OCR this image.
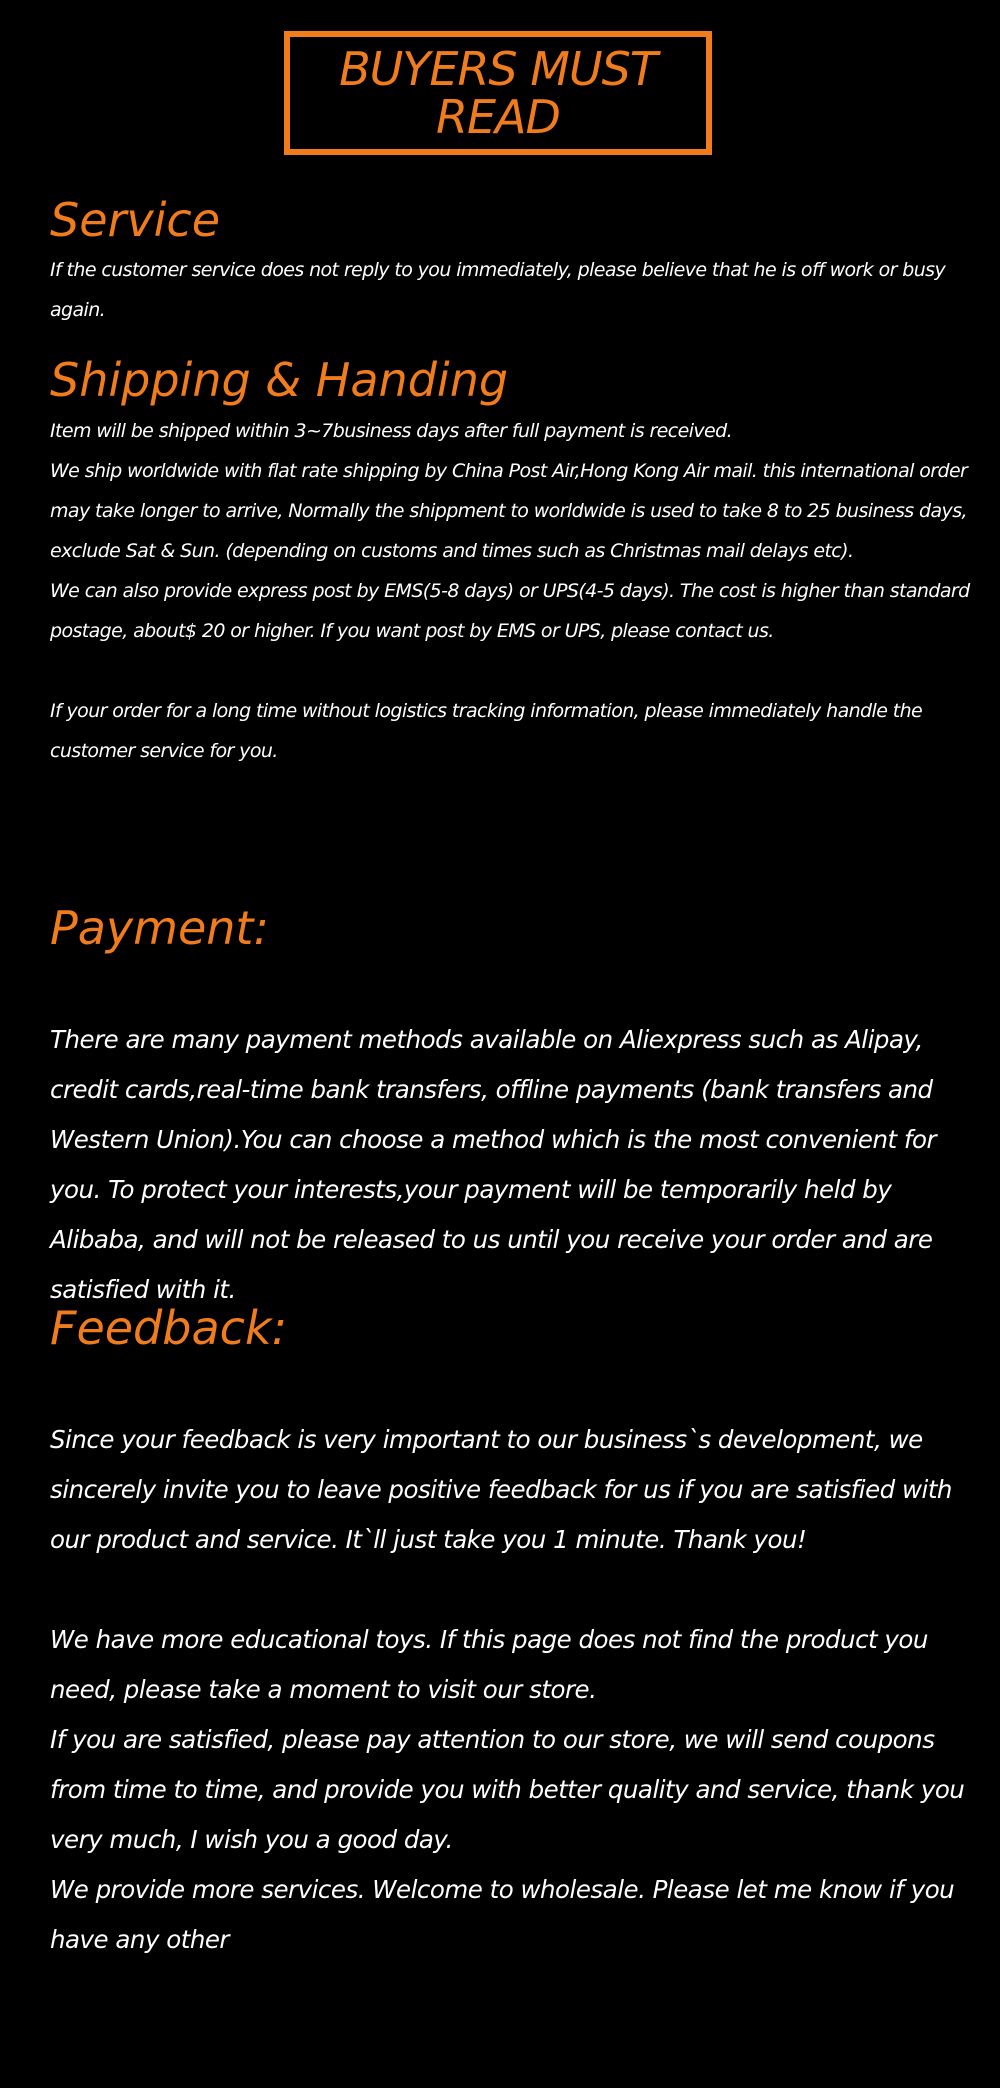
BUYERS MUST READ
Service

If the customer service does not reply to you immediately, please believe that he is off work or busy again.

Shipping & Handing

Item will be shipped within 3~7business days after full payment is received.

We ship worldwide with flat rate shipping by China Post Air,Hong Kong Air mail. this international order may take longer to arrive, Normally the shippment to worldwide is used to take 8 to 25 business days, exclude Sat & Sun. (depending on customs and times such as Christmas mail delays etc).

We can also provide express post by EMS(5-8 days) or UPS(4-5 days). The cost is higher than standard postage, about$ 20 or higher. If you want post by EMS or UPS, please contact us.

If your order for a long time without logistics tracking information, please immediately handle the customer service for you.

Payment:

There are many payment methods available on Aliexpress such as Alipay, credit cards,real-time bank transfers, offline payments (bank transfers and Western Union).You can choose a method which is the most convenient for you. To protect your interests,your payment will be temporarily held by Alibaba, and will not be released to us until you receive your order and are satisfied with it.

Feedback:

Since your feedback is very important to our business`s development, we sincerely invite you to leave positive feedback for us if you are satisfied with our product and service. It`ll just take you 1 minute. Thank you!

We have more educational toys. If this page does not find the product you need, please take a moment to visit our store.

If you are satisfied, please pay attention to our store, we will send coupons from time to time, and provide you with better quality and service, thank you very much, I wish you a good day.

We provide more services. Welcome to wholesale. Please let me know if you have any other
